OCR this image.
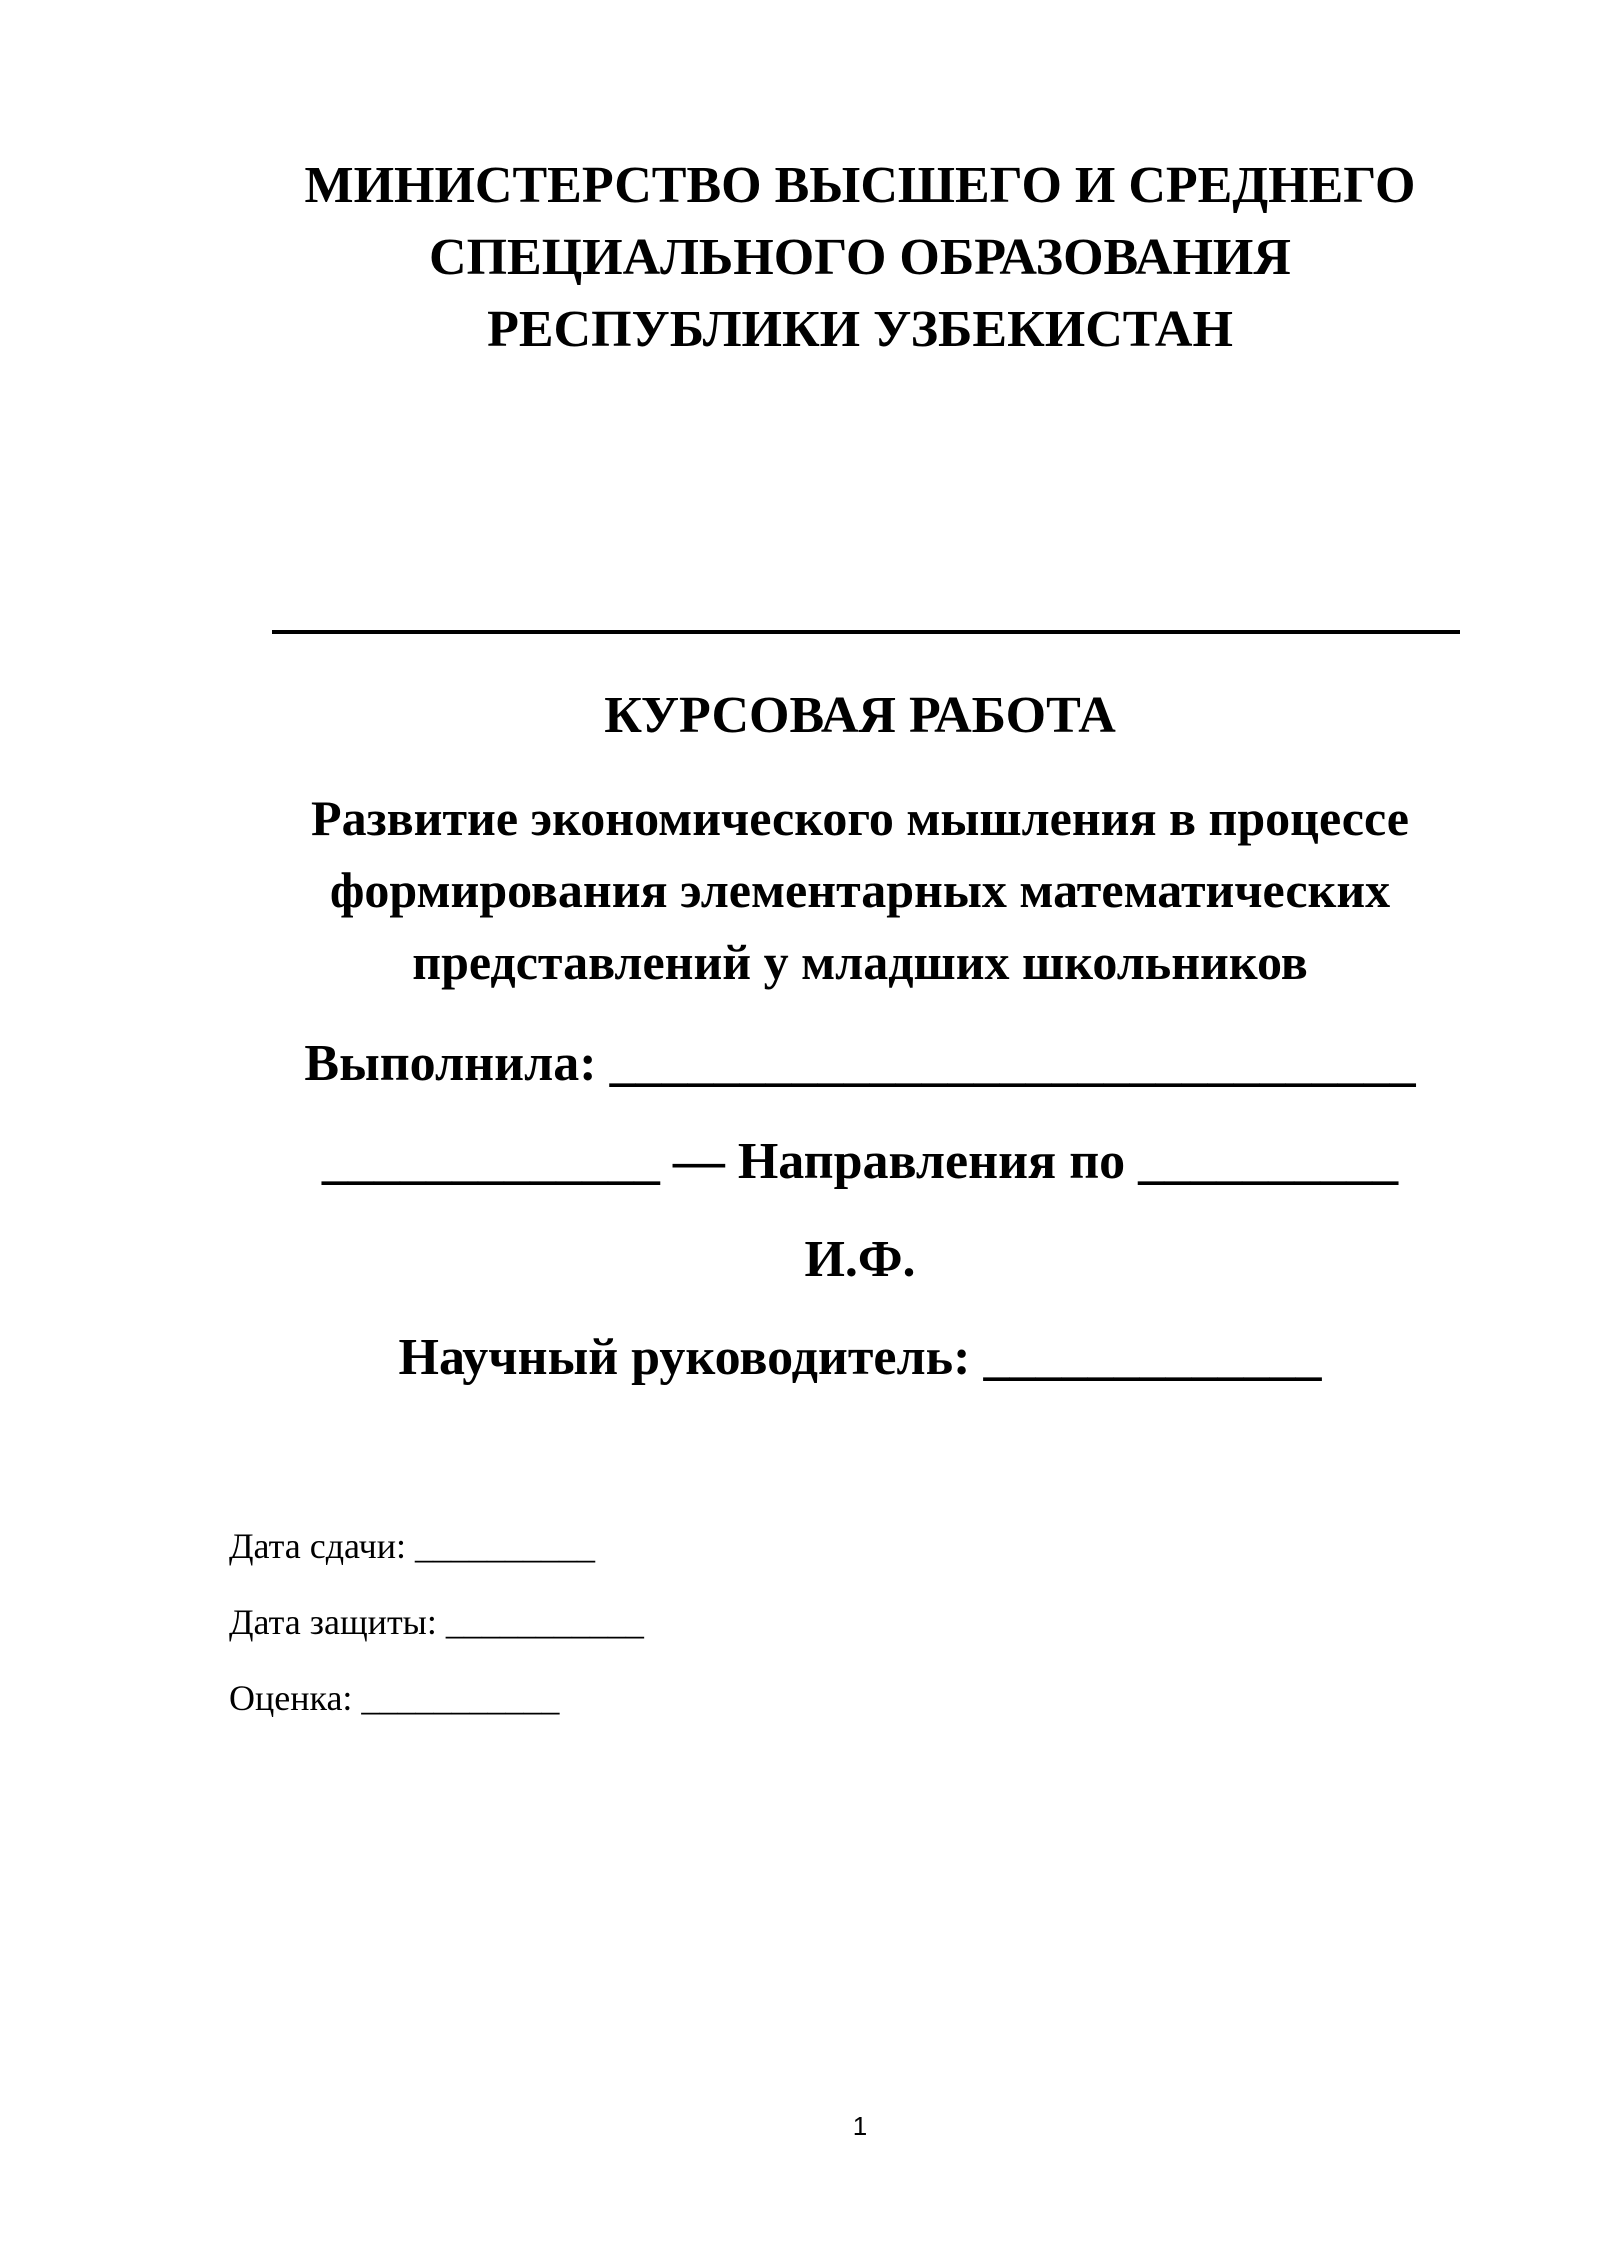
МИНИСТЕРСТВО ВЫСШЕГО И СРЕДНЕГО
СПЕЦИАЛЬНОГО ОБРАЗОВАНИЯ
РЕСПУБЛИКИ УЗБЕКИСТАН
КУРСОВАЯ РАБОТА
Развитие экономического мышления в процессе
формирования элементарных математических
представлений у младших школьников
Выполнила: _______________________________
_____________ — Направления по __________
И.Ф.
Научный руководитель: _____________
Дата сдачи: __________
Дата защиты: ___________
Оценка: ___________
1
